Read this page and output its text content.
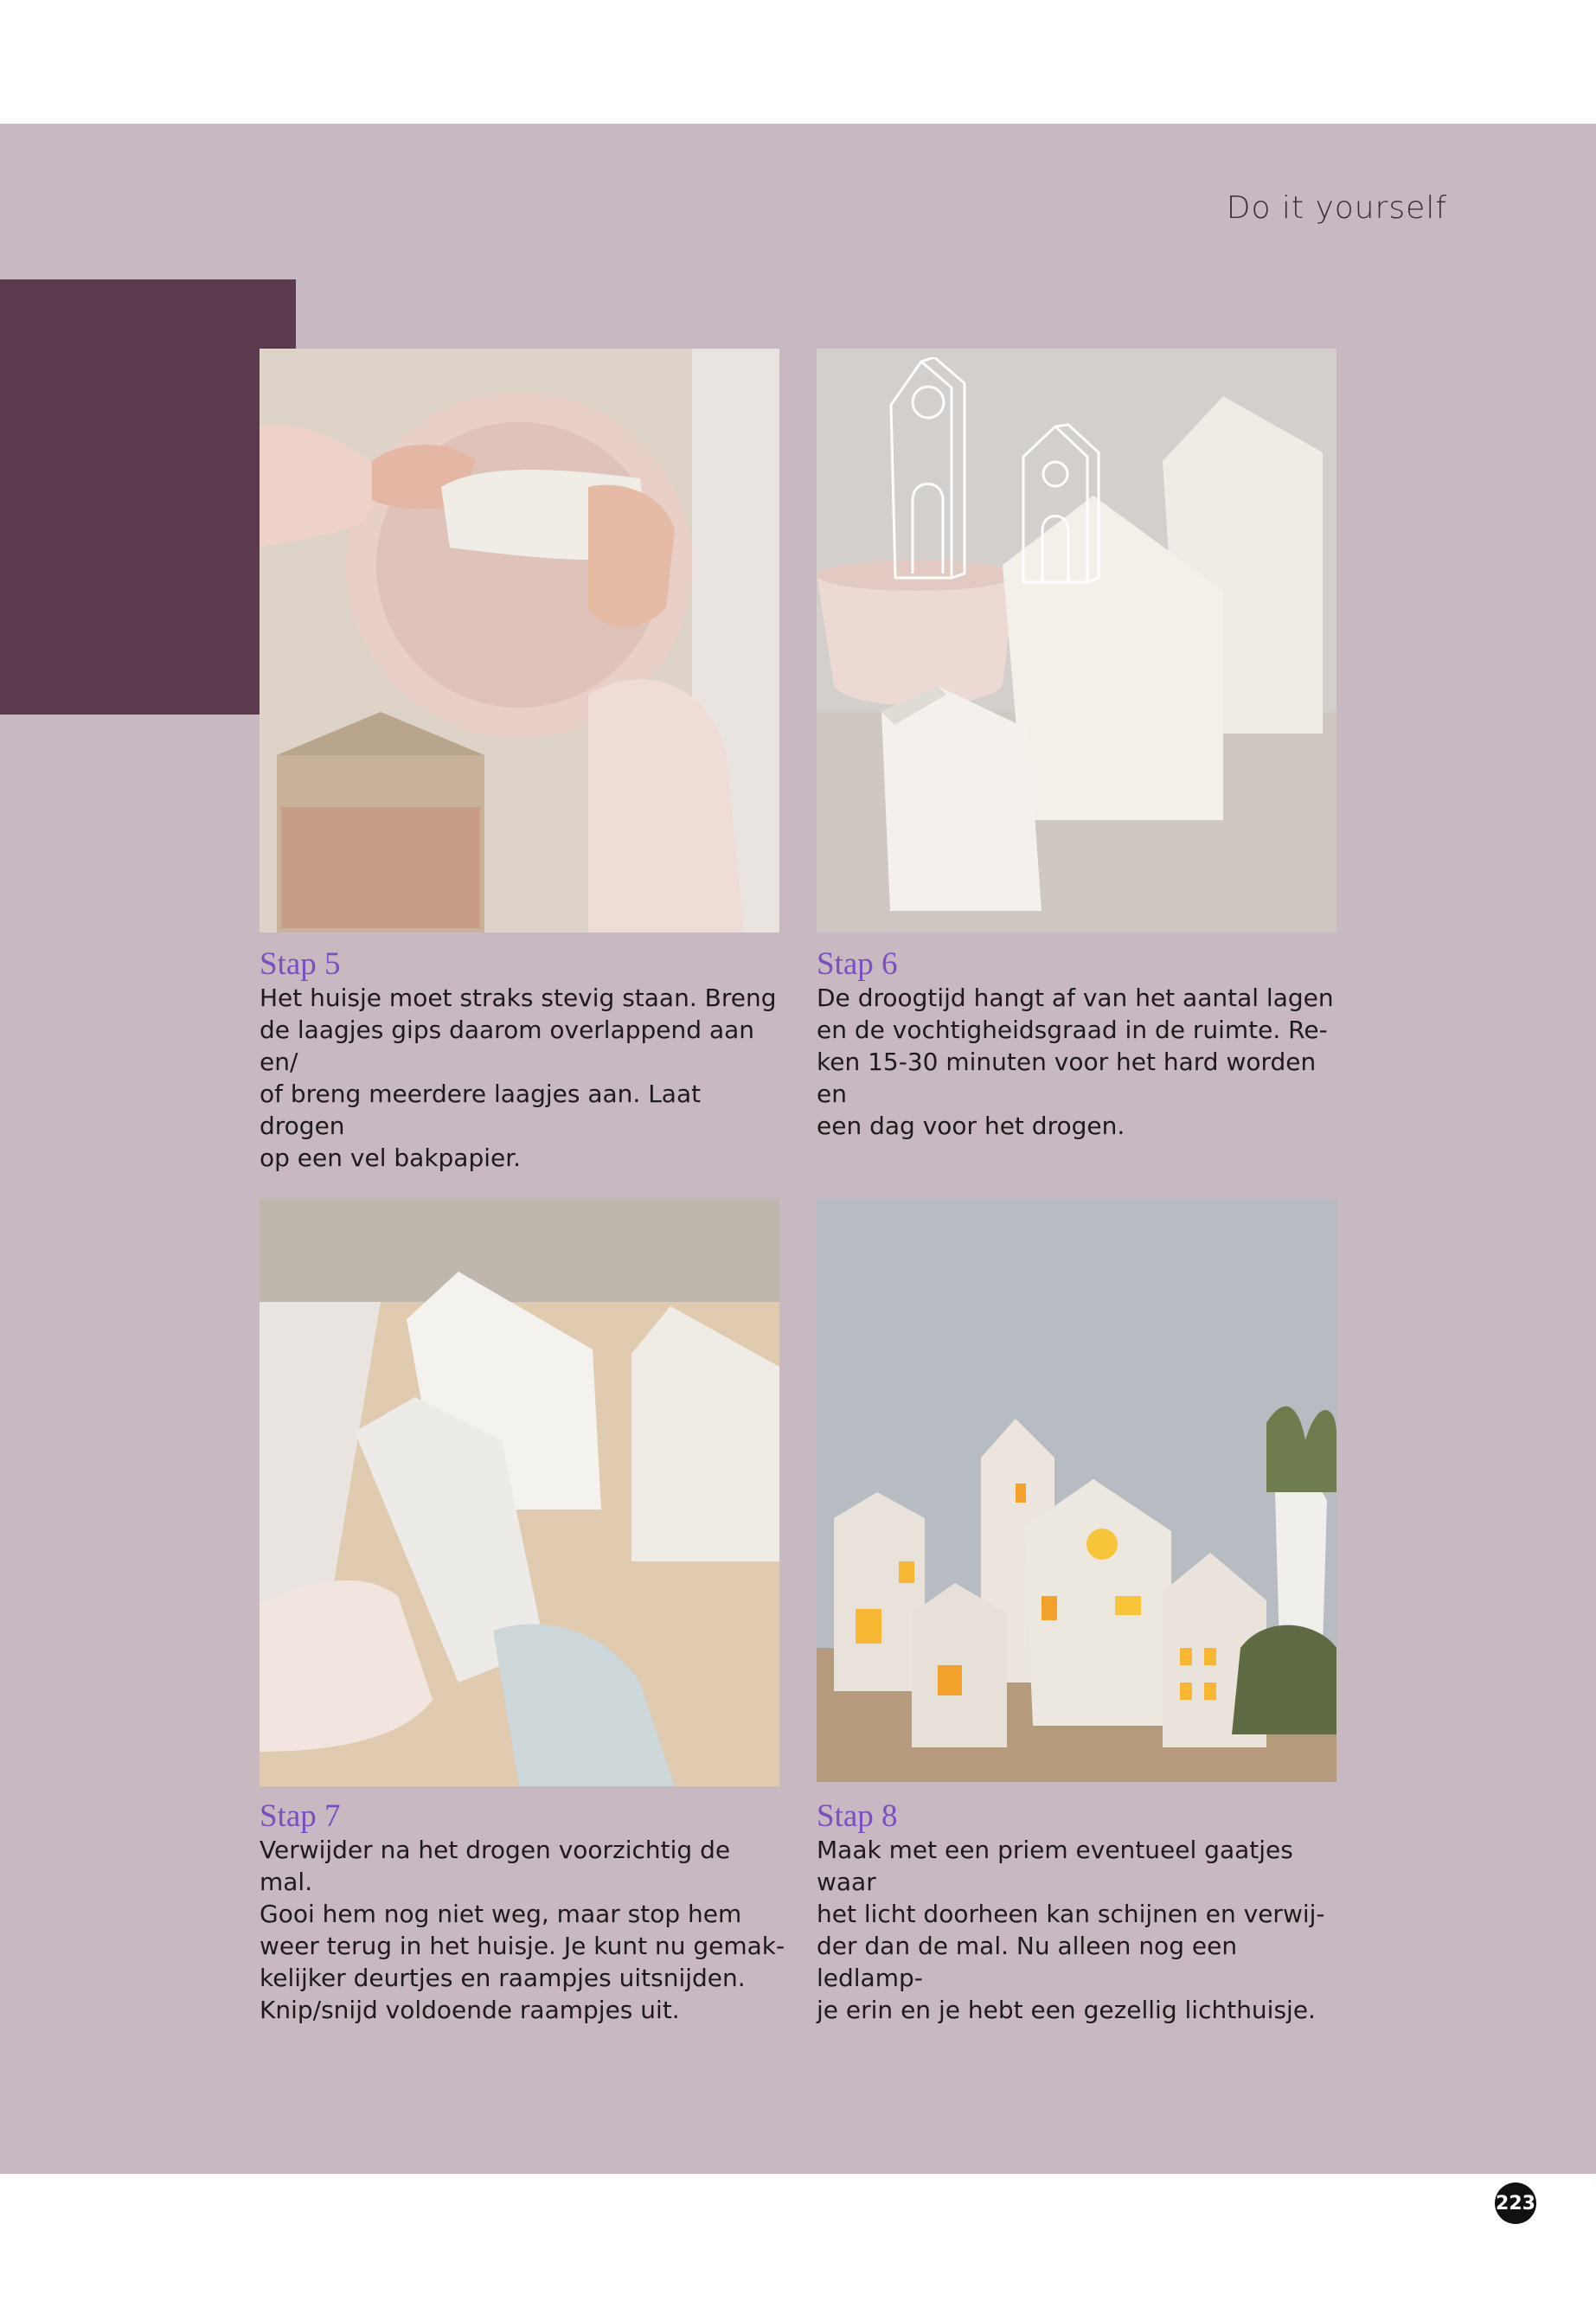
Do it yourself
Stap 5
Het huisje moet straks stevig staan. Breng
de laagjes gips daarom overlappend aan en/
of breng meerdere laagjes aan. Laat drogen
op een vel bakpapier.
Stap 6
De droogtijd hangt af van het aantal lagen
en de vochtigheidsgraad in de ruimte. Re-
ken 15-30 minuten voor het hard worden en
een dag voor het drogen.
Stap 7
Verwijder na het drogen voorzichtig de mal.
Gooi hem nog niet weg, maar stop hem
weer terug in het huisje. Je kunt nu gemak-
kelijker deurtjes en raampjes uitsnijden.
Knip/snijd voldoende raampjes uit.
Stap 8
Maak met een priem eventueel gaatjes waar
het licht doorheen kan schijnen en verwij-
der dan de mal. Nu alleen nog een ledlamp-
je erin en je hebt een gezellig lichthuisje.
223
